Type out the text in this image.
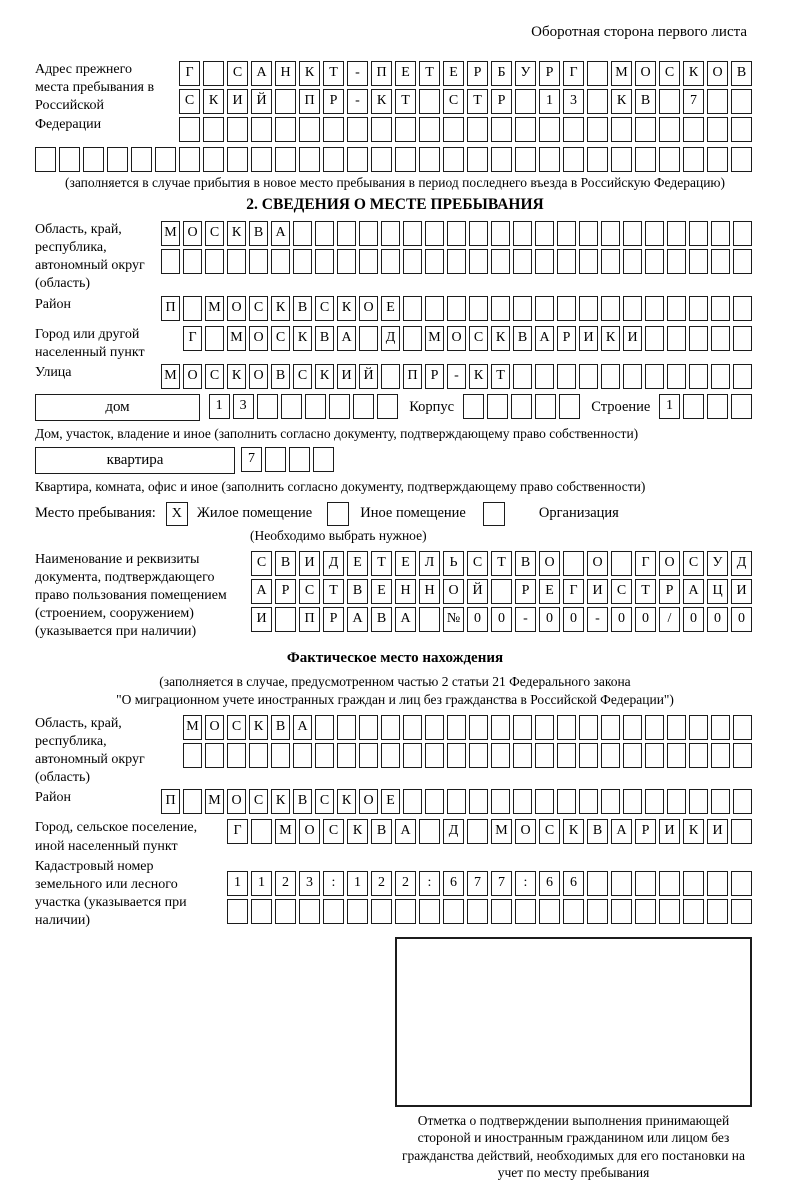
Оборотная сторона первого листа
Адрес прежнего места пребывания в Российской Федерации
Г	С А Н К Т - П Е Т Е Р Б У Р Г	М О С К О В
С К И Й	П Р - К Т	С Т Р	1 3	К В	7
(заполняется в случае прибытия в новое место пребывания в период последнего въезда в Российскую Федерацию)
2. СВЕДЕНИЯ О МЕСТЕ ПРЕБЫВАНИЯ
Область, край, республика, автономный округ (область)
М О С К В А
Район	П М О С К В С К О Е
Город или другой населенный пункт
Г М О С К В А Д М О С К В А Р И К И
Улица	М О С К О В С К И Й П Р - К Т
дом	1 3	Корпус	Строение	1
Дом, участок, владение и иное (заполнить согласно документу, подтверждающему право собственности)
квартира	7
Квартира, комната, офис и иное (заполнить согласно документу, подтверждающему право собственности)
Место пребывания:	X	Жилое помещение	Иное помещение	Организация
(Необходимо выбрать нужное)
Наименование и реквизиты документа, подтверждающего право пользования помещением (строением, сооружением) (указывается при наличии)
С В И Д Е Т Е Л Ь С Т В О	О	Г О С У Д
А Р С Т В Е Н Н О Й	Р Е Г И С Т Р А Ц И
И	П Р А В А	№ 0 0 - 0 0 - 0 0 / 0 0 0
Фактическое место нахождения
(заполняется в случае, предусмотренном частью 2 статьи 21 Федерального закона
"О миграционном учете иностранных граждан и лиц без гражданства в Российской Федерации")
Область, край, республика, автономный округ (область)
М О С К В А
Район	П М О С К В С К О Е
Город, сельское поселение, иной населенный пункт
Г	М О С К В А	Д	М О С К В А Р И К И
Кадастровый номер земельного или лесного участка (указывается при наличии)
1 1 2 3 : 1 2 2 : 6 7 7 : 6 6
Отметка о подтверждении выполнения принимающей стороной и иностранным гражданином или лицом без гражданства действий, необходимых для его постановки на учет по месту пребывания
